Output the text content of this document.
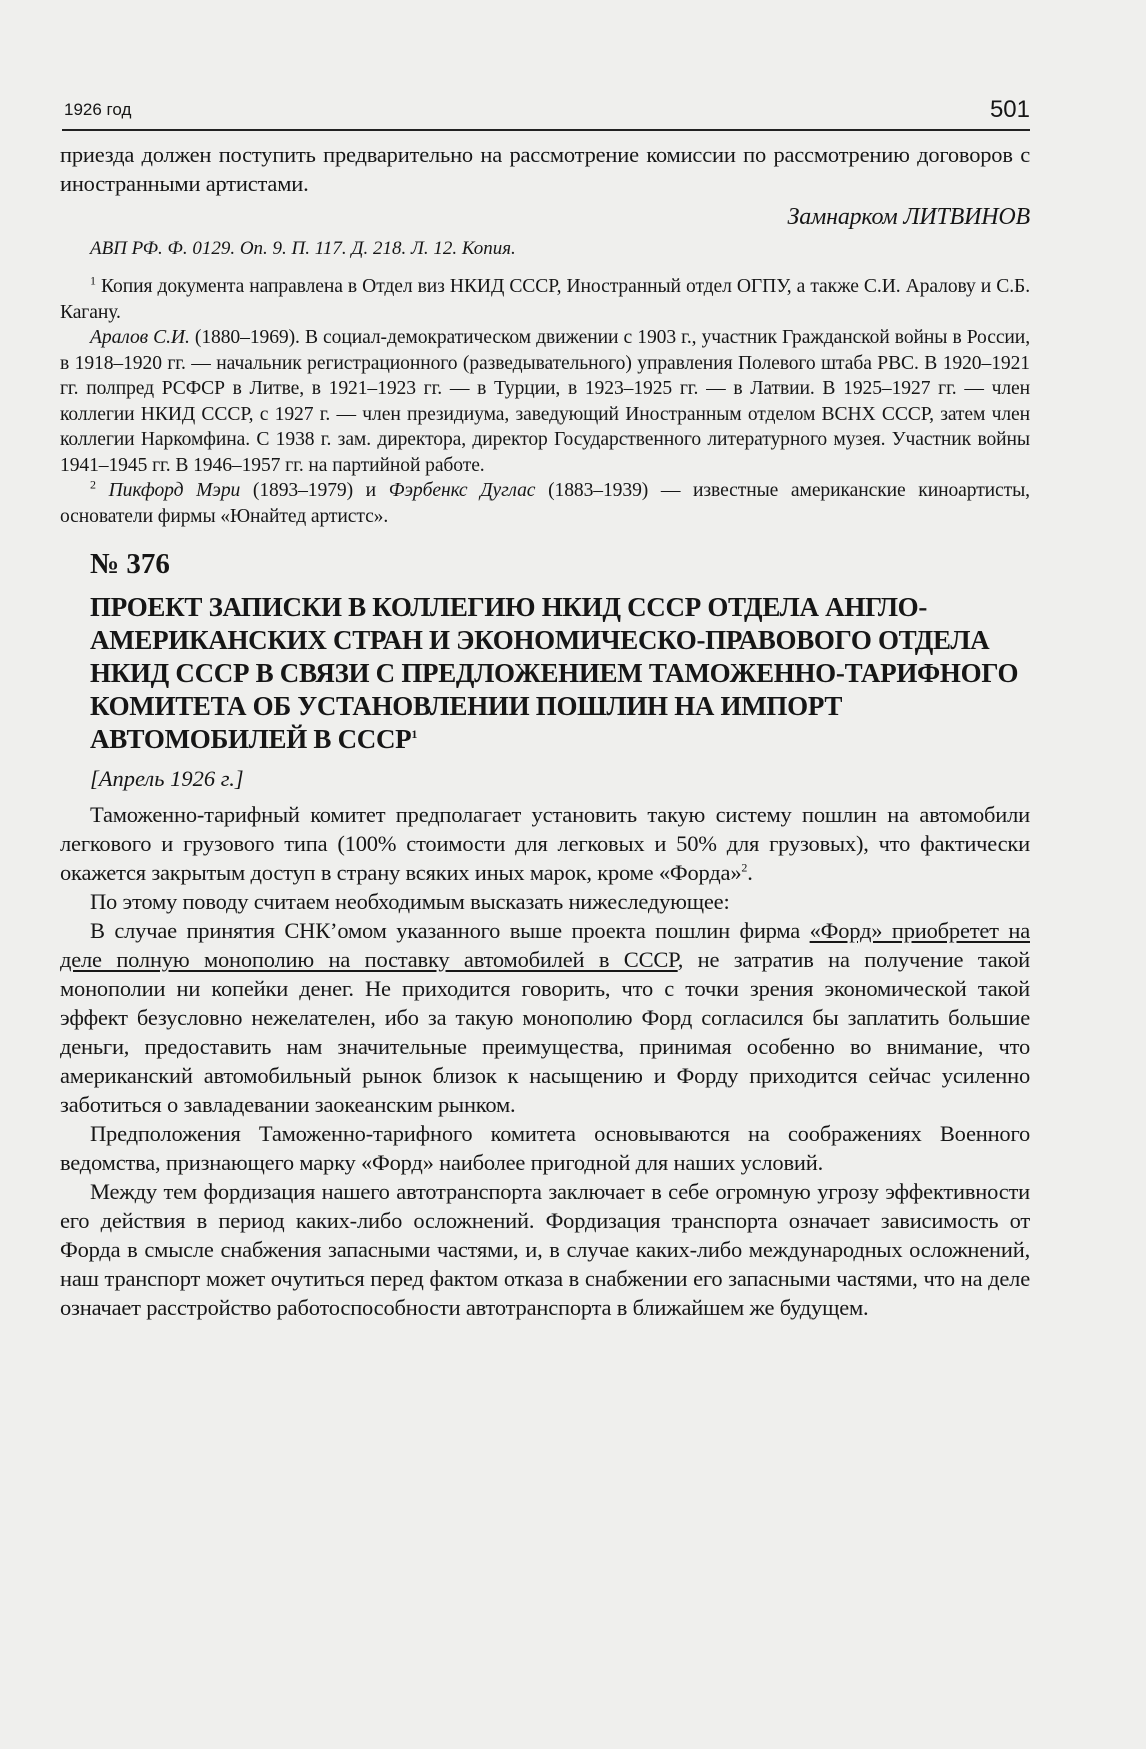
1926 год	501

приезда должен поступить предварительно на рассмотрение комиссии по рассмотрению договоров с иностранными артистами.

Замнарком ЛИТВИНОВ

АВП РФ. Ф. 0129. Оп. 9. П. 117. Д. 218. Л. 12. Копия.

$^1$ Копия документа направлена в Отдел виз НКИД СССР, Иностранный отдел ОГПУ, а также С.И. Аралову и С.Б. Кагану.

Аралов С.И. (1880–1969). В социал-демократическом движении с 1903 г., участник Гражданской войны в России, в 1918–1920 гг. — начальник регистрационного (разведывательного) управления Полевого штаба РВС. В 1920–1921 гг. полпред РСФСР в Литве, в 1921–1923 гг. — в Турции, в 1923–1925 гг. — в Латвии. В 1925–1927 гг. — член коллегии НКИД СССР, с 1927 г. — член президиума, заведующий Иностранным отделом ВСНХ СССР, затем член коллегии Наркомфина. С 1938 г. зам. директора, директор Государственного литературного музея. Участник войны 1941–1945 гг. В 1946–1957 гг. на партийной работе.

$^2$ Пикфорд Мэри (1893–1979) и Фэрбенкс Дуглас (1883–1939) — известные американские киноартисты, основатели фирмы «Юнайтед артистс».

№ 376

ПРОЕКТ ЗАПИСКИ В КОЛЛЕГИЮ НКИД СССР ОТДЕЛА АНГЛО-АМЕРИКАНСКИХ СТРАН И ЭКОНОМИЧЕСКО-ПРАВОВОГО ОТДЕЛА НКИД СССР В СВЯЗИ С ПРЕДЛОЖЕНИЕМ ТАМОЖЕННО-ТАРИФНОГО КОМИТЕТА ОБ УСТАНОВЛЕНИИ ПОШЛИН НА ИМПОРТ АВТОМОБИЛЕЙ В СССР$^1$

[Апрель 1926 г.]

Таможенно-тарифный комитет предполагает установить такую систему пошлин на автомобили легкового и грузового типа (100% стоимости для легковых и 50% для грузовых), что фактически окажется закрытым доступ в страну всяких иных марок, кроме «Форда»$^2$.

По этому поводу считаем необходимым высказать нижеследующее:

В случае принятия СНК’омом указанного выше проекта пошлин фирма «Форд» приобретет на деле полную монополию на поставку автомобилей в СССР, не затратив на получение такой монополии ни копейки денег. Не приходится говорить, что с точки зрения экономической такой эффект безусловно нежелателен, ибо за такую монополию Форд согласился бы заплатить большие деньги, предоставить нам значительные преимущества, принимая особенно во внимание, что американский автомобильный рынок близок к насыщению и Форду приходится сейчас усиленно заботиться о завладевании заокеанским рынком.

Предположения Таможенно-тарифного комитета основываются на соображениях Военного ведомства, признающего марку «Форд» наиболее пригодной для наших условий.

Между тем фордизация нашего автотранспорта заключает в себе огромную угрозу эффективности его действия в период каких-либо осложнений. Фордизация транспорта означает зависимость от Форда в смысле снабжения запасными частями, и, в случае каких-либо международных осложнений, наш транспорт может очутиться перед фактом отказа в снабжении его запасными частями, что на деле означает расстройство работоспособности автотранспорта в ближайшем же будущем.
